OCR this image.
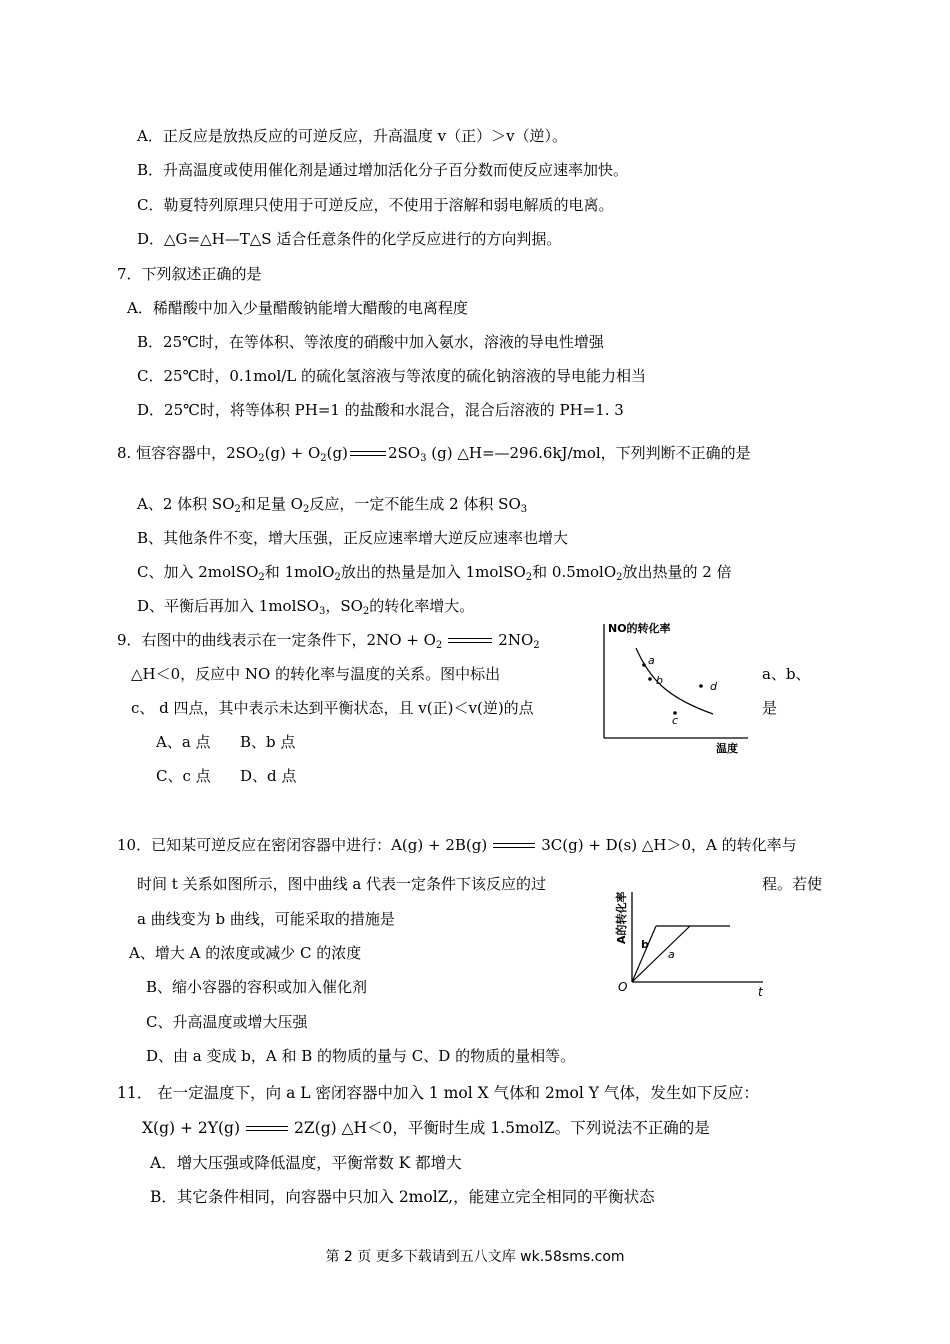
A．正反应是放热反应的可逆反应，升高温度 v（正）＞v（逆）。
B．升高温度或使用催化剂是通过增加活化分子百分数而使反应速率加快。
C．勒夏特列原理只使用于可逆反应，不使用于溶解和弱电解质的电离。
D．△G=△H—T△S 适合任意条件的化学反应进行的方向判据。
7．下列叙述正确的是
A．稀醋酸中加入少量醋酸钠能增大醋酸的电离程度
B．25℃时，在等体积、等浓度的硝酸中加入氨水，溶液的导电性增强
C．25℃时，0.1mol/L 的硫化氢溶液与等浓度的硫化钠溶液的导电能力相当
D．25℃时，将等体积 PH=1 的盐酸和水混合，混合后溶液的 PH=1. 3
8. 恒容容器中，$2SO_2(g) + O_2(g)$	$2SO_3$ (g) △H=—296.6kJ/mol，下列判断不正确的是
A、2 体积 $SO_2$和足量 $O_2$反应，一定不能生成 2 体积 $SO_3$
B、其他条件不变，增大压强，正反应速率增大逆反应速率也增大
C、加入 2molSO$_2$和 1molO$_2$放出的热量是加入 1molSO$_2$和 0.5molO$_2$放出热量的 2 倍
D、平衡后再加入 1molSO$_3$，$SO_2$的转化率增大。
9．右图中的曲线表示在一定条件下，$2NO + O_2$	$2NO_2$
△H＜0，反应中 NO 的转化率与温度的关系。图中标出	a、b、
c、 d 四点，其中表示未达到平衡状态，且 v(正)＜v(逆)的点	是
A、a 点 B、b 点
C、c 点 D、d 点
NO的转化率
温度
a
b	d
c
10．已知某可逆反应在密闭容器中进行：A(g) + 2B(g)	3C(g) + D(s) △H＞0，A 的转化率与
时间 t 关系如图所示，图中曲线 a 代表一定条件下该反应的过	程。若使
a 曲线变为 b 曲线，可能采取的措施是
A、增大 A 的浓度或减少 C 的浓度
B、缩小容器的容积或加入催化剂
C、升高温度或增大压强
D、由 a 变成 b，A 和 B 的物质的量与 C、D 的物质的量相等。
A的转化率
O	t
b
a
11． 在一定温度下，向 a L 密闭容器中加入 1 mol X 气体和 2mol Y 气体，发生如下反应：
X(g) + 2Y(g)	2Z(g) △H＜0，平衡时生成 1.5molZ。下列说法不正确的是
A．增大压强或降低温度，平衡常数 K 都增大
B．其它条件相同，向容器中只加入 2molZ,，能建立完全相同的平衡状态
第 2 页 更多下载请到五八文库 wk.58sms.com
